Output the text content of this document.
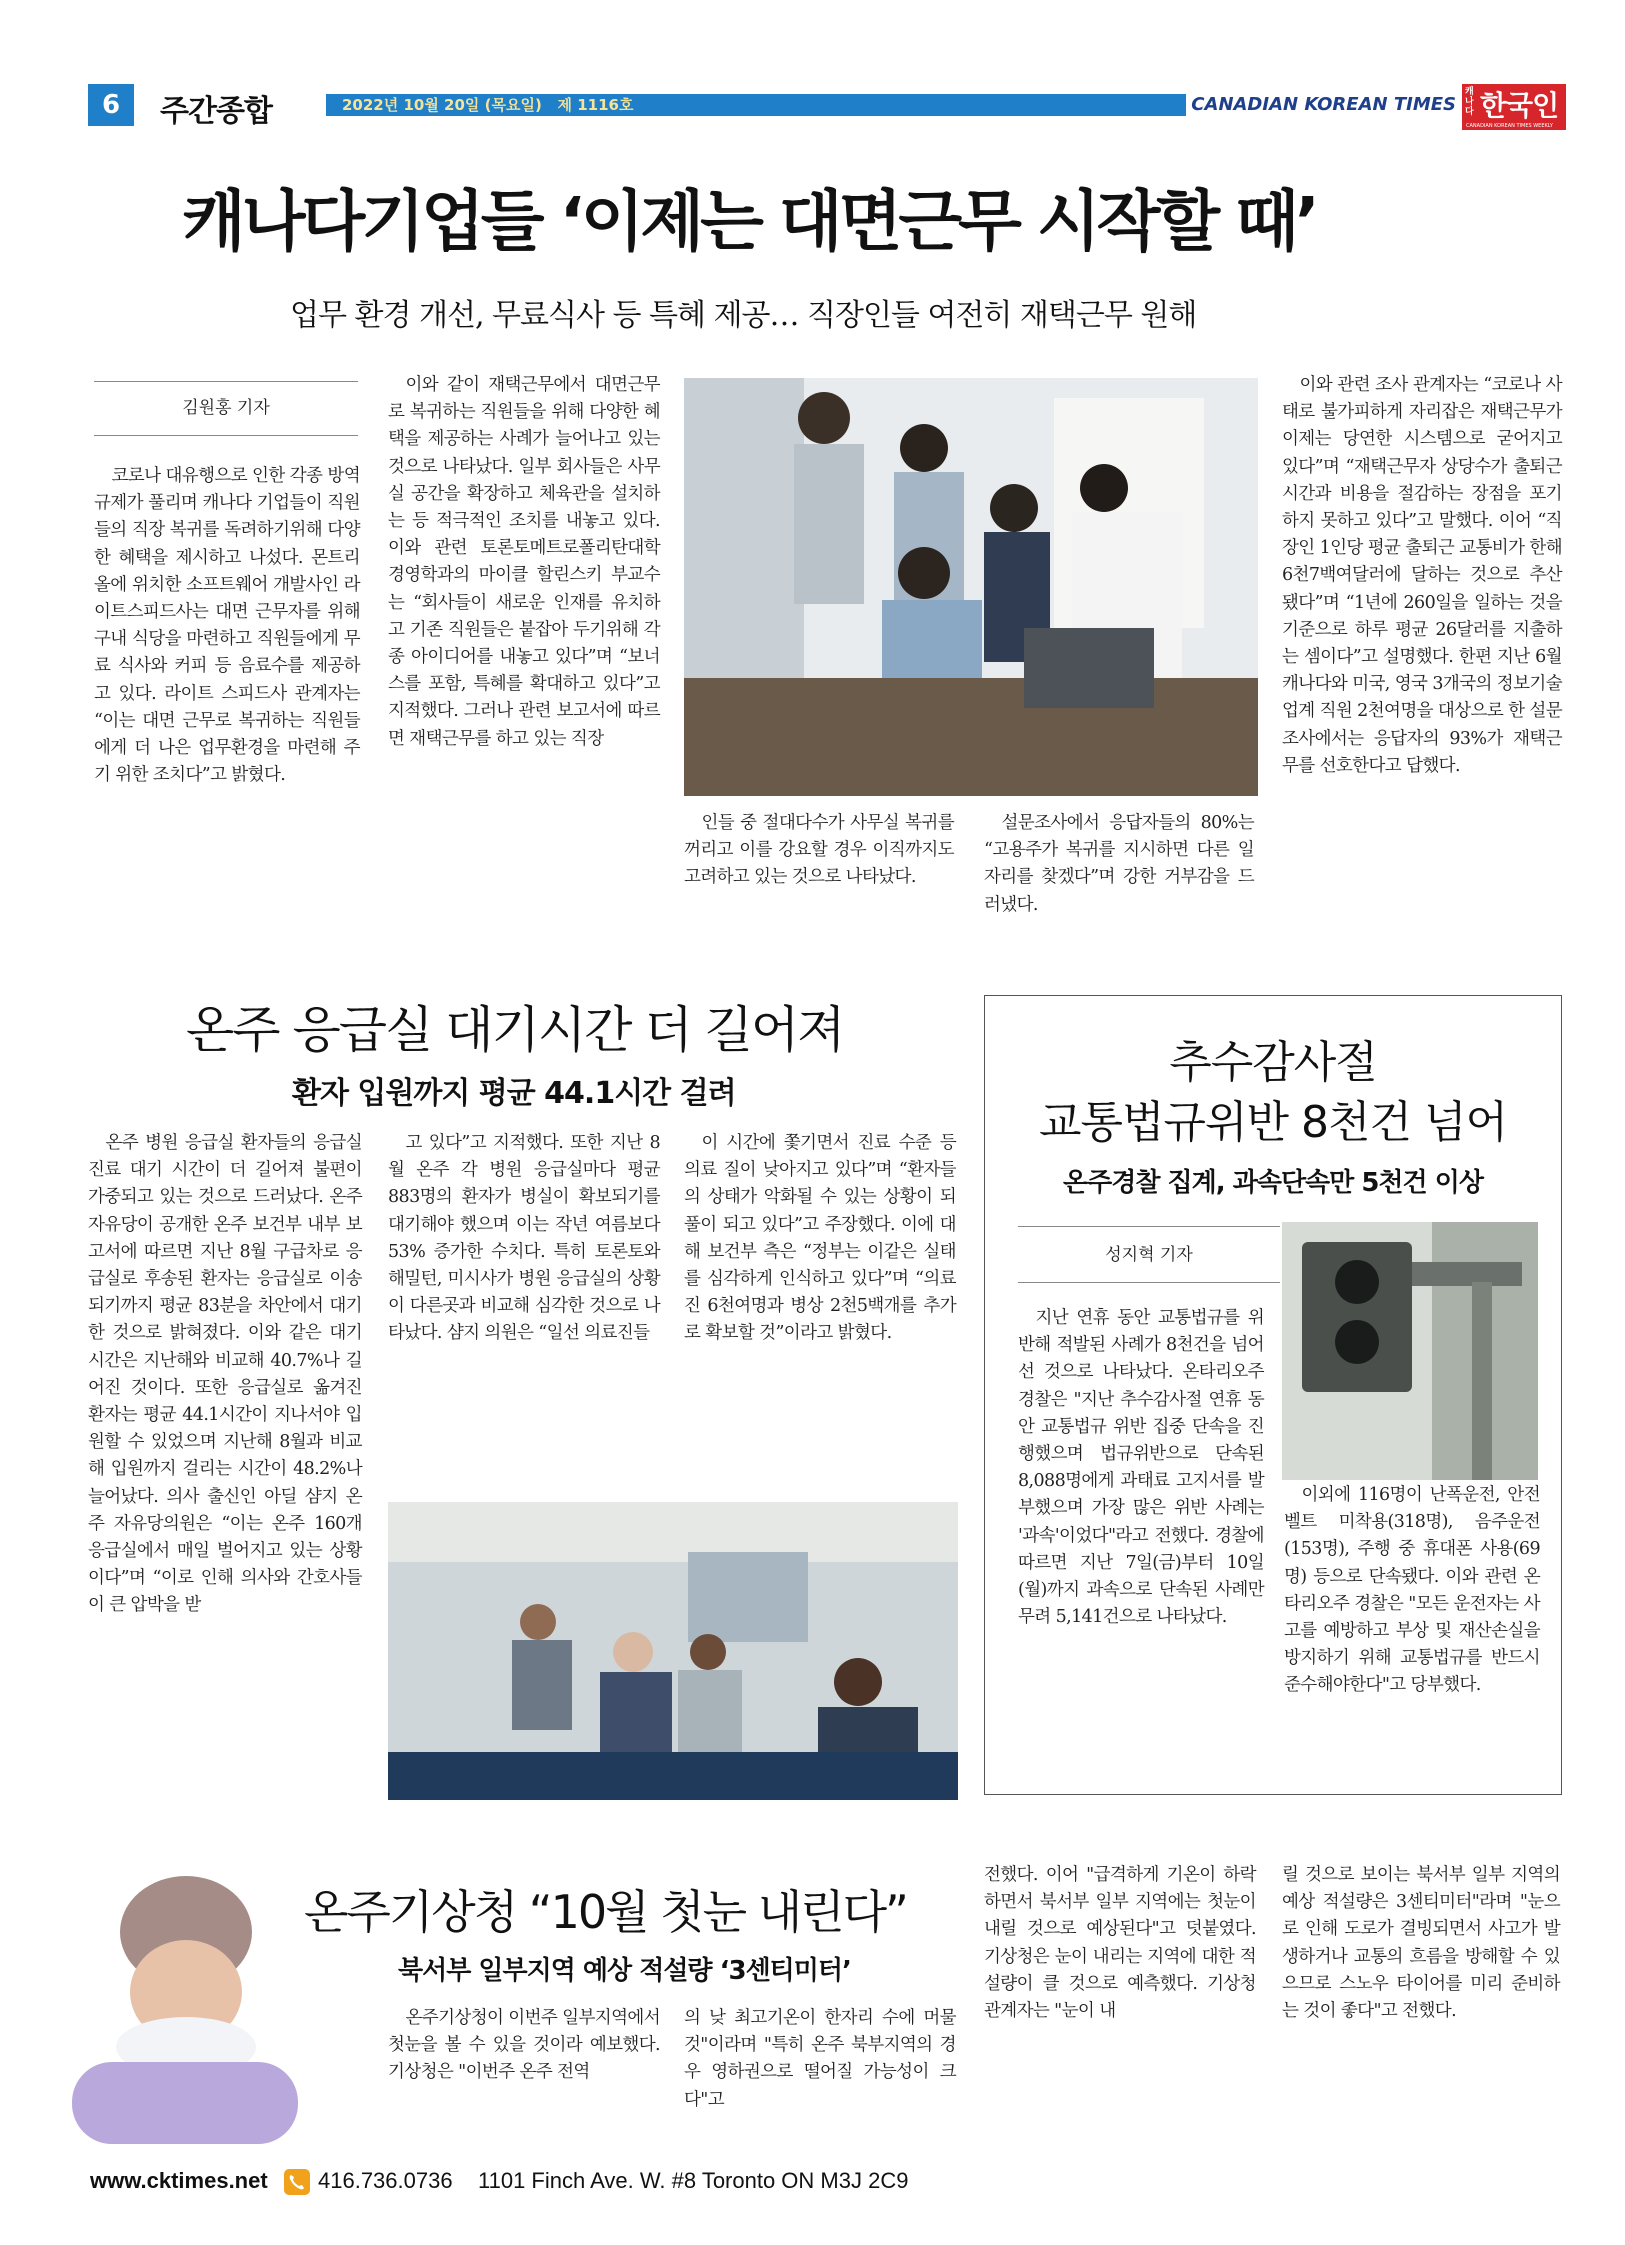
6	주간종합	2022년 10월 20일 (목요일)   제 1116호	CANADIAN KOREAN TIMES
캐나다 한국인
CANADIAN KOREAN TIMES WEEKLY
캐나다기업들 ‘이제는 대면근무 시작할 때’
업무 환경 개선, 무료식사 등 특혜 제공… 직장인들 여전히 재택근무 원해
김원홍 기자

코로나 대유행으로 인한 각종 방역 규제가 풀리며 캐나다 기업들이 직원들의 직장 복귀를 독려하기위해 다양한 혜택을 제시하고 나섰다. 몬트리올에 위치한 소프트웨어 개발사인 라이트스피드사는 대면 근무자를 위해 구내 식당을 마련하고 직원들에게 무료 식사와 커피 등 음료수를 제공하고 있다. 라이트 스피드사 관계자는 “이는 대면 근무로 복귀하는 직원들에게 더 나은 업무환경을 마련해 주기 위한 조치다”고 밝혔다.

이와 같이 재택근무에서 대면근무로 복귀하는 직원들을 위해 다양한 혜택을 제공하는 사례가 늘어나고 있는 것으로 나타났다. 일부 회사들은 사무실 공간을 확장하고 체육관을 설치하는 등 적극적인 조치를 내놓고 있다. 이와 관련 토론토메트로폴리탄대학 경영학과의 마이클 할린스키 부교수는 “회사들이 새로운 인재를 유치하고 기존 직원들은 붙잡아 두기위해 각종 아이디어를 내놓고 있다”며 “보너스를 포함, 특혜를 확대하고 있다”고 지적했다. 그러나 관련 보고서에 따르면 재택근무를 하고 있는 직장

인들 중 절대다수가 사무실 복귀를 꺼리고 이를 강요할 경우 이직까지도 고려하고 있는 것으로 나타났다.

설문조사에서 응답자들의 80%는 “고용주가 복귀를 지시하면 다른 일자리를 찾겠다”며 강한 거부감을 드러냈다.

이와 관련 조사 관계자는 “코로나 사태로 불가피하게 자리잡은 재택근무가 이제는 당연한 시스템으로 굳어지고 있다”며 “재택근무자 상당수가 출퇴근 시간과 비용을 절감하는 장점을 포기하지 못하고 있다”고 말했다. 이어 “직장인 1인당 평균 출퇴근 교통비가 한해 6천7백여달러에 달하는 것으로 추산됐다”며 “1년에 260일을 일하는 것을 기준으로 하루 평균 26달러를 지출하는 셈이다”고 설명했다. 한편 지난 6월 캐나다와 미국, 영국 3개국의 정보기술업계 직원 2천여명을 대상으로 한 설문조사에서는 응답자의 93%가 재택근무를 선호한다고 답했다.

온주 응급실 대기시간 더 길어져
환자 입원까지 평균 44.1시간 걸려

온주 병원 응급실 환자들의 응급실 진료 대기 시간이 더 길어져 불편이 가중되고 있는 것으로 드러났다. 온주 자유당이 공개한 온주 보건부 내부 보고서에 따르면 지난 8월 구급차로 응급실로 후송된 환자는 응급실로 이송되기까지 평균 83분을 차안에서 대기한 것으로 밝혀졌다. 이와 같은 대기시간은 지난해와 비교해 40.7%나 길어진 것이다. 또한 응급실로 옮겨진 환자는 평균 44.1시간이 지나서야 입원할 수 있었으며 지난해 8월과 비교해 입원까지 걸리는 시간이 48.2%나 늘어났다. 의사 출신인 아딜 샴지 온주 자유당의원은 “이는 온주 160개 응급실에서 매일 벌어지고 있는 상황이다”며 “이로 인해 의사와 간호사들이 큰 압박을 받

고 있다”고 지적했다. 또한 지난 8월 온주 각 병원 응급실마다 평균 883명의 환자가 병실이 확보되기를 대기해야 했으며 이는 작년 여름보다 53% 증가한 수치다. 특히 토론토와 해밀턴, 미시사가 병원 응급실의 상황이 다른곳과 비교해 심각한 것으로 나타났다. 샴지 의원은 “일선 의료진들

이 시간에 쫓기면서 진료 수준 등 의료 질이 낮아지고 있다”며 “환자들의 상태가 악화될 수 있는 상황이 되풀이 되고 있다”고 주장했다. 이에 대해 보건부 측은 “정부는 이같은 실태를 심각하게 인식하고 있다”며 “의료진 6천여명과 병상 2천5백개를 추가로 확보할 것”이라고 밝혔다.

추수감사절
교통법규위반 8천건 넘어
온주경찰 집계, 과속단속만 5천건 이상
성지혁 기자

지난 연휴 동안 교통법규를 위반해 적발된 사례가 8천건을 넘어선 것으로 나타났다. 온타리오주 경찰은 "지난 추수감사절 연휴 동안 교통법규 위반 집중 단속을 진행했으며 법규위반으로 단속된 8,088명에게 과태료 고지서를 발부했으며 가장 많은 위반 사례는 '과속'이었다"라고 전했다. 경찰에 따르면 지난 7일(금)부터 10일(월)까지 과속으로 단속된 사례만 무려 5,141건으로 나타났다.

이외에 116명이 난폭운전, 안전벨트 미착용(318명), 음주운전(153명), 주행 중 휴대폰 사용(69명) 등으로 단속됐다. 이와 관련 온타리오주 경찰은 "모든 운전자는 사고를 예방하고 부상 및 재산손실을 방지하기 위해 교통법규를 반드시 준수해야한다"고 당부했다.

온주기상청 “10월 첫눈 내린다”
북서부 일부지역 예상 적설량 ‘3센티미터’

온주기상청이 이번주 일부지역에서 첫눈을 볼 수 있을 것이라 예보했다. 기상청은 "이번주 온주 전역

의 낮 최고기온이 한자리 수에 머물 것"이라며 "특히 온주 북부지역의 경우 영하권으로 떨어질 가능성이 크다"고

전했다. 이어 "급격하게 기온이 하락하면서 북서부 일부 지역에는 첫눈이 내릴 것으로 예상된다"고 덧붙였다. 기상청은 눈이 내리는 지역에 대한 적설량이 클 것으로 예측했다. 기상청 관계자는 "눈이 내

릴 것으로 보이는 북서부 일부 지역의 예상 적설량은 3센티미터"라며 "눈으로 인해 도로가 결빙되면서 사고가 발생하거나 교통의 흐름을 방해할 수 있으므로 스노우 타이어를 미리 준비하는 것이 좋다"고 전했다.

www.cktimes.net 416.736.0736 1101 Finch Ave. W. #8 Toronto ON M3J 2C9
